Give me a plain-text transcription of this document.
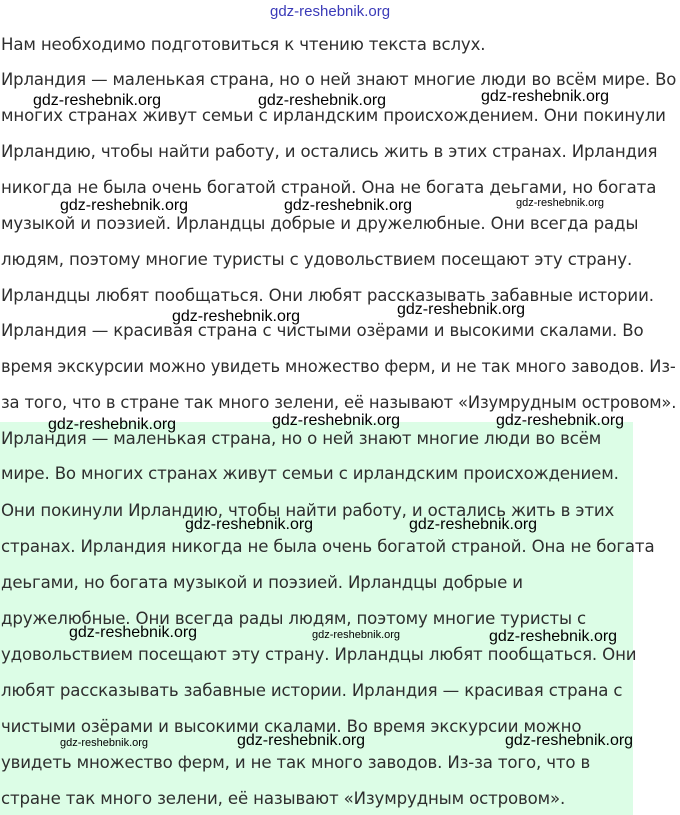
gdz-reshebnik.org

Нам необходимо подготовиться к чтению текста вслух.

Ирландия — маленькая страна, но о ней знают многие люди во всём мире. Во

многих странах живут семьи с ирландским происхождением. Они покинули

Ирландию, чтобы найти работу, и остались жить в этих странах. Ирландия

никогда не была очень богатой страной. Она не богата деьгами, но богата

музыкой и поэзией. Ирландцы добрые и дружелюбные. Они всегда рады

людям, поэтому многие туристы с удовольствием посещают эту страну.

Ирландцы любят пообщаться. Они любят рассказывать забавные истории.

Ирландия — красивая страна с чистыми озёрами и высокими скалами. Во

время экскурсии можно увидеть множество ферм, и не так много заводов. Из-

за того, что в стране так много зелени, её называют «Изумрудным островом».

Ирландия — маленькая страна, но о ней знают многие люди во всём

мире. Во многих странах живут семьи с ирландским происхождением.

Они покинули Ирландию, чтобы найти работу, и остались жить в этих

странах. Ирландия никогда не была очень богатой страной. Она не богата

деьгами, но богата музыкой и поэзией. Ирландцы добрые и

дружелюбные. Они всегда рады людям, поэтому многие туристы с

удовольствием посещают эту страну. Ирландцы любят пообщаться. Они

любят рассказывать забавные истории. Ирландия — красивая страна с

чистыми озёрами и высокими скалами. Во время экскурсии можно

увидеть множество ферм, и не так много заводов. Из-за того, что в

стране так много зелени, её называют «Изумрудным островом».

gdz-reshebnik.org	gdz-reshebnik.org	gdz-reshebnik.org
gdz-reshebnik.org	gdz-reshebnik.org	gdz-reshebnik.org
gdz-reshebnik.org	gdz-reshebnik.org
gdz-reshebnik.org	gdz-reshebnik.org	gdz-reshebnik.org
gdz-reshebnik.org	gdz-reshebnik.org
gdz-reshebnik.org	gdz-reshebnik.org	gdz-reshebnik.org
gdz-reshebnik.org	gdz-reshebnik.org	gdz-reshebnik.org
